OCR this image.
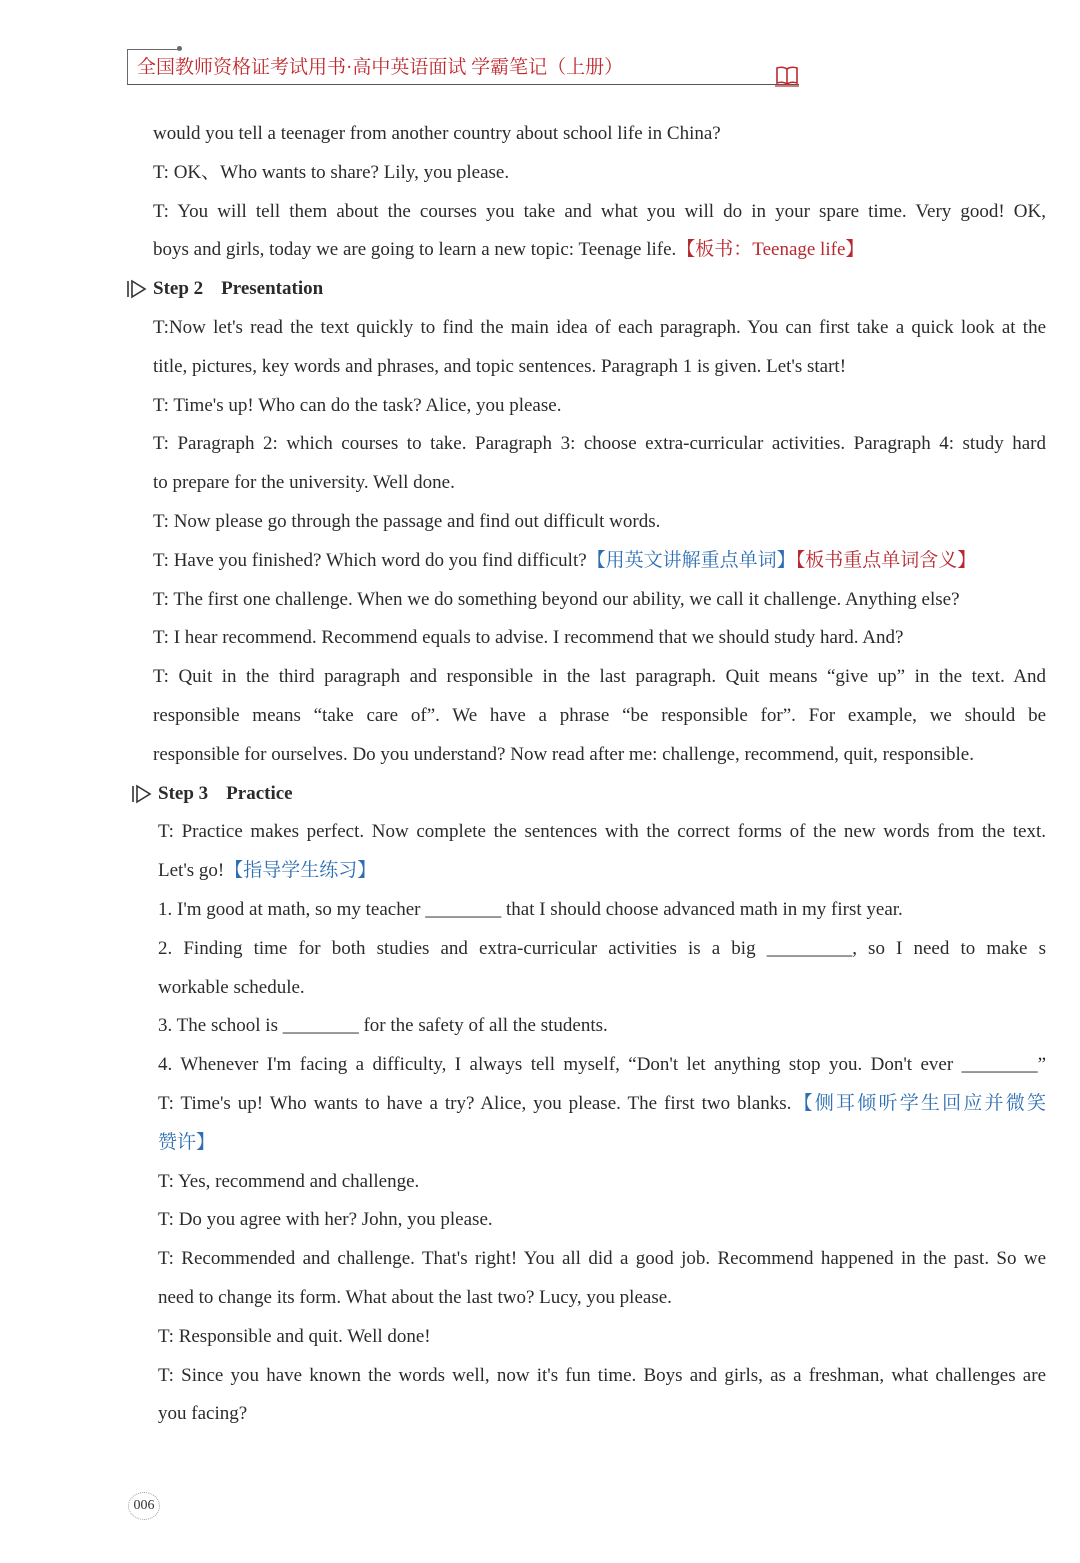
全国教师资格证考试用书·高中英语面试 学霸笔记（上册）
would you tell a teenager from another country about school life in China?
T: OK、Who wants to share? Lily, you please.
T: You will tell them about the courses you take and what you will do in your spare time. Very good! OK,
boys and girls, today we are going to learn a new topic: Teenage life.【板书：Teenage life】
Step 2 Presentation
T:Now let's read the text quickly to find the main idea of each paragraph. You can first take a quick look at the
title, pictures, key words and phrases, and topic sentences. Paragraph 1 is given. Let's start!
T: Time's up! Who can do the task? Alice, you please.
T: Paragraph 2: which courses to take. Paragraph 3: choose extra-curricular activities. Paragraph 4: study hard
to prepare for the university. Well done.
T: Now please go through the passage and find out difficult words.
T: Have you finished? Which word do you find difficult?【用英文讲解重点单词】【板书重点单词含义】
T: The first one challenge. When we do something beyond our ability, we call it challenge. Anything else?
T: I hear recommend. Recommend equals to advise. I recommend that we should study hard. And?
T: Quit in the third paragraph and responsible in the last paragraph. Quit means “give up” in the text. And
responsible means “take care of”. We have a phrase “be responsible for”. For example, we should be
responsible for ourselves. Do you understand? Now read after me: challenge, recommend, quit, responsible.
Step 3 Practice
T: Practice makes perfect. Now complete the sentences with the correct forms of the new words from the text.
Let's go!【指导学生练习】
1. I'm good at math, so my teacher ________ that I should choose advanced math in my first year.
2. Finding time for both studies and extra-curricular activities is a big _________, so I need to make s
workable schedule.
3. The school is ________ for the safety of all the students.
4. Whenever I'm facing a difficulty, I always tell myself, “Don't let anything stop you. Don't ever ________”
T: Time's up! Who wants to have a try? Alice, you please. The first two blanks.【侧耳倾听学生回应并微笑
赞许】
T: Yes, recommend and challenge.
T: Do you agree with her? John, you please.
T: Recommended and challenge. That's right! You all did a good job. Recommend happened in the past. So we
need to change its form. What about the last two? Lucy, you please.
T: Responsible and quit. Well done!
T: Since you have known the words well, now it's fun time. Boys and girls, as a freshman, what challenges are
you facing?
006
